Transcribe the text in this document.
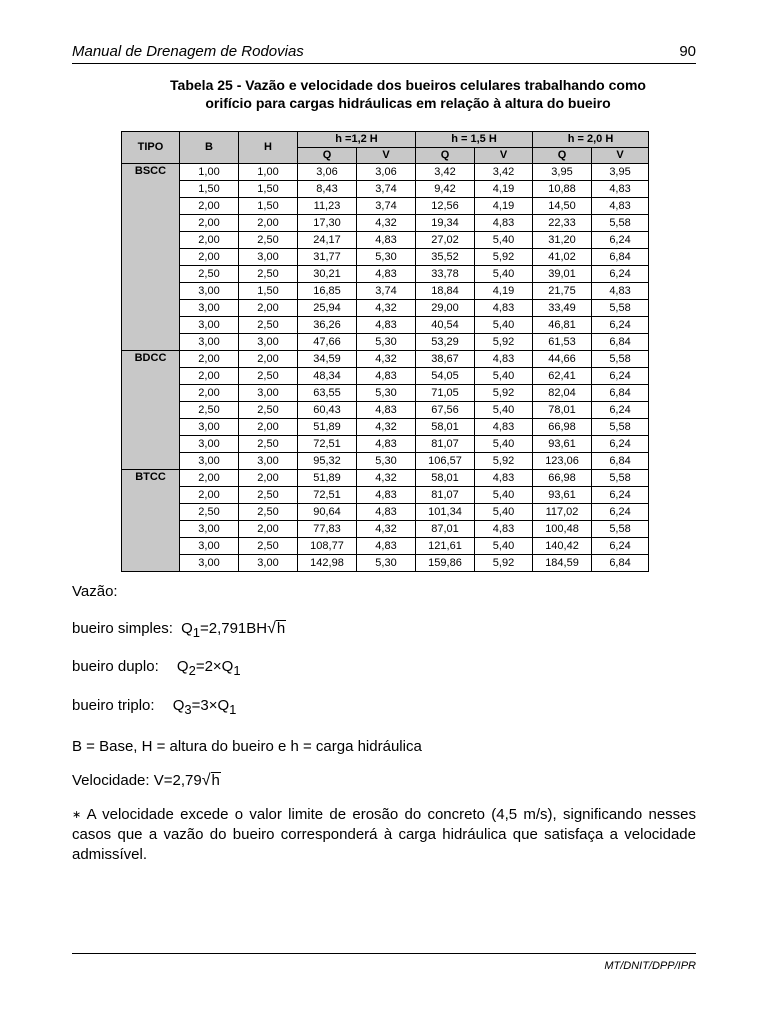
Manual de Drenagem de Rodovias	90
Tabela 25 - Vazão e velocidade dos bueiros celulares trabalhando como
orifício para cargas hidráulicas em relação à altura do bueiro
TIPO	B	H	h =1,2 H		h = 1,5 H		h = 2,0 H	
			Q	V	Q	V	Q	V
BSCC	1,00	1,00	3,06	3,06	3,42	3,42	3,95	3,95
	1,50	1,50	8,43	3,74	9,42	4,19	10,88	4,83
	2,00	1,50	11,23	3,74	12,56	4,19	14,50	4,83
	2,00	2,00	17,30	4,32	19,34	4,83	22,33	5,58
	2,00	2,50	24,17	4,83	27,02	5,40	31,20	6,24
	2,00	3,00	31,77	5,30	35,52	5,92	41,02	6,84
	2,50	2,50	30,21	4,83	33,78	5,40	39,01	6,24
	3,00	1,50	16,85	3,74	18,84	4,19	21,75	4,83
	3,00	2,00	25,94	4,32	29,00	4,83	33,49	5,58
	3,00	2,50	36,26	4,83	40,54	5,40	46,81	6,24
	3,00	3,00	47,66	5,30	53,29	5,92	61,53	6,84
BDCC	2,00	2,00	34,59	4,32	38,67	4,83	44,66	5,58
	2,00	2,50	48,34	4,83	54,05	5,40	62,41	6,24
	2,00	3,00	63,55	5,30	71,05	5,92	82,04	6,84
	2,50	2,50	60,43	4,83	67,56	5,40	78,01	6,24
	3,00	2,00	51,89	4,32	58,01	4,83	66,98	5,58
	3,00	2,50	72,51	4,83	81,07	5,40	93,61	6,24
	3,00	3,00	95,32	5,30	106,57	5,92	123,06	6,84
BTCC	2,00	2,00	51,89	4,32	58,01	4,83	66,98	5,58
	2,00	2,50	72,51	4,83	81,07	5,40	93,61	6,24
	2,50	2,50	90,64	4,83	101,34	5,40	117,02	6,24
	3,00	2,00	77,83	4,32	87,01	4,83	100,48	5,58
	3,00	2,50	108,77	4,83	121,61	5,40	140,42	6,24
	3,00	3,00	142,98	5,30	159,86	5,92	184,59	6,84
Vazão:
bueiro simples: $Q_1=2,791BH√h$
bueiro duplo: $Q_2=2\times Q_1$
bueiro triplo: $Q_3=3\times Q_1$
B = Base, H = altura do bueiro e h = carga hidráulica
Velocidade: V=2,79√h
∗ A velocidade excede o valor limite de erosão do concreto (4,5 m/s), significando nesses casos que a vazão do bueiro corresponderá à carga hidráulica que satisfaça a velocidade admissível.
MT/DNIT/DPP/IPR
